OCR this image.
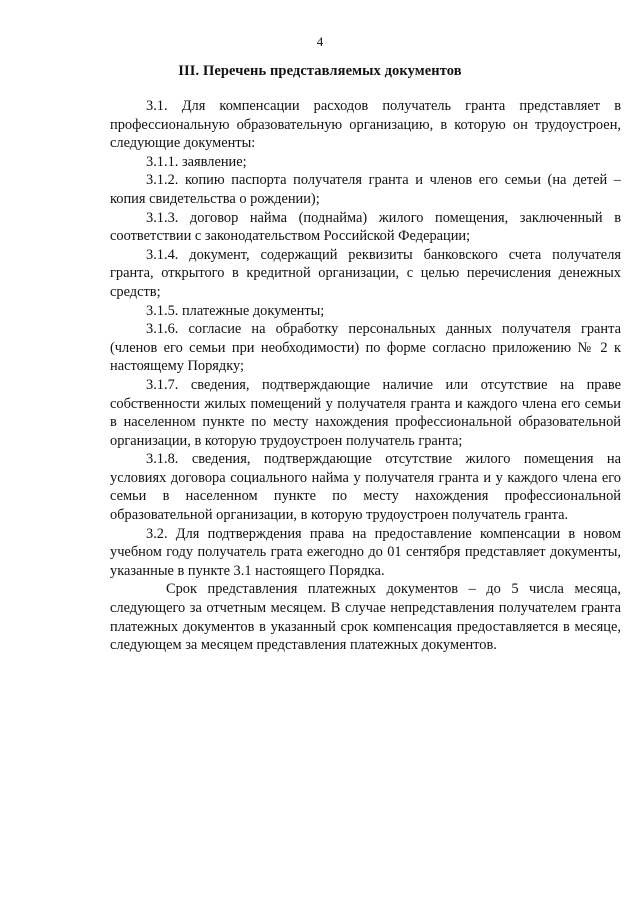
4
III. Перечень представляемых документов

3.1. Для компенсации расходов получатель гранта представляет в профессиональную образовательную организацию, в которую он трудоустроен, следующие документы:

3.1.1. заявление;

3.1.2. копию паспорта получателя гранта и членов его семьи (на детей – копия свидетельства о рождении);

3.1.3. договор найма (поднайма) жилого помещения, заключенный в соответствии с законодательством Российской Федерации;

3.1.4. документ, содержащий реквизиты банковского счета получателя гранта, открытого в кредитной организации, с целью перечисления денежных средств;

3.1.5. платежные документы;

3.1.6. согласие на обработку персональных данных получателя гранта (членов его семьи при необходимости) по форме согласно приложению № 2 к настоящему Порядку;

3.1.7. сведения, подтверждающие наличие или отсутствие на праве собственности жилых помещений у получателя гранта и каждого члена его семьи в населенном пункте по месту нахождения профессиональной образовательной организации, в которую трудоустроен получатель гранта;

3.1.8. сведения, подтверждающие отсутствие жилого помещения на условиях договора социального найма у получателя гранта и у каждого члена его семьи в населенном пункте по месту нахождения профессиональной образовательной организации, в которую трудоустроен получатель гранта.

3.2. Для подтверждения права на предоставление компенсации в новом учебном году получатель грата ежегодно до 01 сентября представляет документы, указанные в пункте 3.1 настоящего Порядка.

Срок представления платежных документов – до 5 числа месяца, следующего за отчетным месяцем. В случае непредставления получателем гранта платежных документов в указанный срок компенсация предоставляется в месяце, следующем за месяцем представления платежных документов.
